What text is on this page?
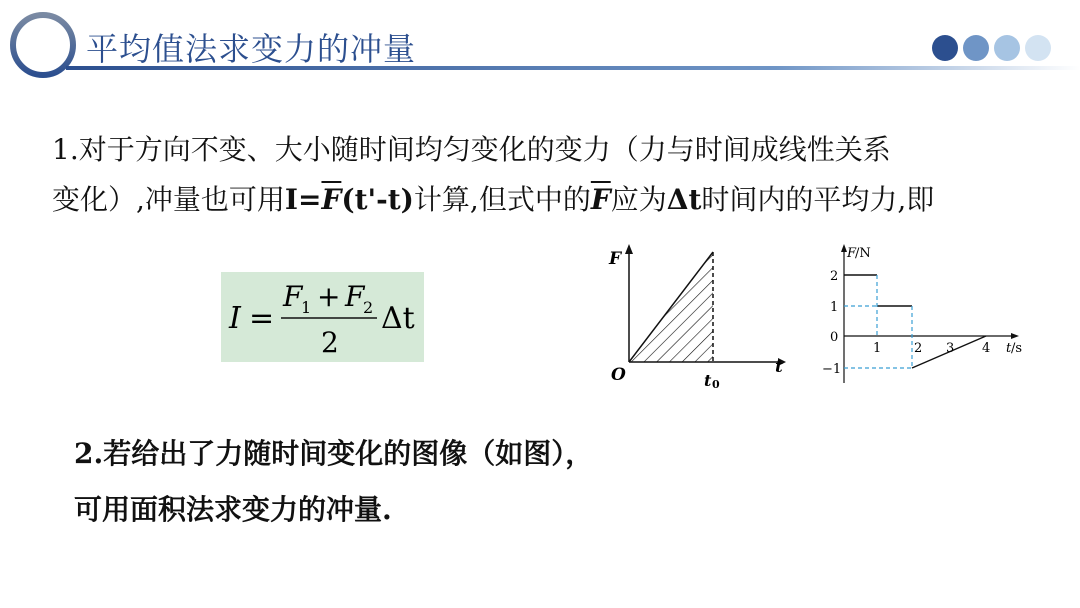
平均值法求变力的冲量
1.对于方向不变、大小随时间均匀变化的变力（力与时间成线性关系
变化）,冲量也可用$I=\overline{F}(t'-t)$计算,但式中的$\overline{F}$应为Δt时间内的平均力,即
I =
F
1 + F
2
2
Δt
F
t
O	t 0
F
/N
2
1
0
−1
1	2 3 4 t /s
2.若给出了力随时间变化的图像（如图），
可用面积法求变力的冲量.
